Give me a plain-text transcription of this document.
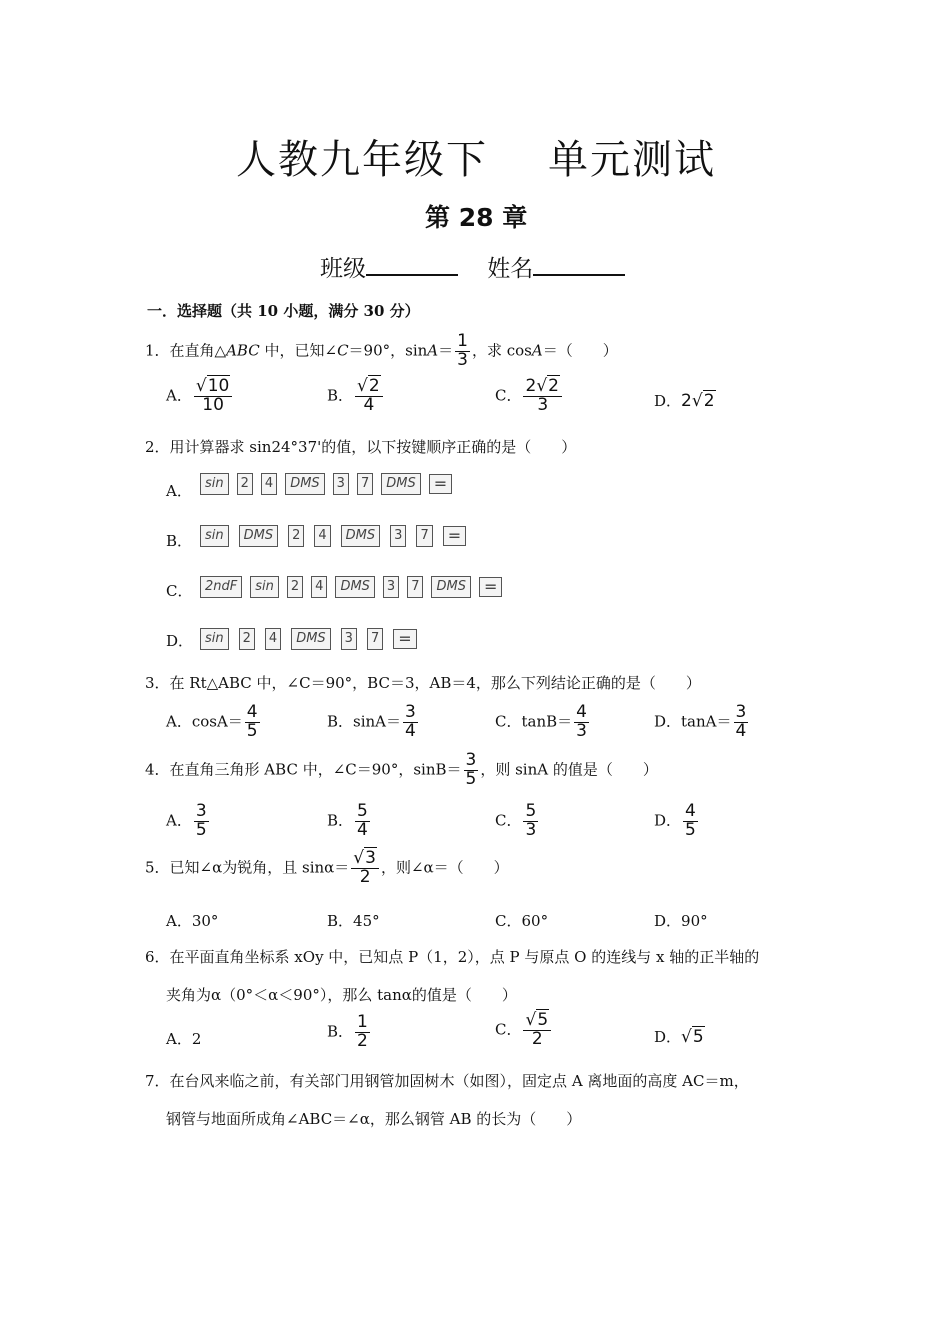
人教九年级下 单元测试
第 28 章
班级	姓名
一．选择题（共 10 小题，满分 30 分）
1．在直角△ABC 中，已知∠C＝90°，$\sin A= \frac{1}{3}$ ，求 cosA＝（　　）
A． $\frac{√10}{10}$	B． $\frac{√2}{4}$	C． $\frac{2√2}{3}$	D．2√2
2．用计算器求 sin24°37'的值，以下按键顺序正确的是（　　）
A．	sin	2	4	DMS	3	7	DMS	=
B． sin	DMS	2	4	DMS	3	7	=
C． 2ndF	sin	2	4	DMS	3	7	DMS	=
D． sin	2	4	DMS	3	7	=
3．在 Rt△ABC 中，∠C＝90°，BC＝3，AB＝4，那么下列结论正确的是（　　）
A．$\cos A= \frac{4}{5}$	B．$\sin A= \frac{3}{4}$	C．$\tan B= \frac{4}{3}$	D．$\tan A= \frac{3}{4}$
4．在直角三角形 ABC 中，∠C＝90°，$\sin B= \frac{3}{5}$ ，则 sinA 的值是（　　）
A． $\frac{3}{5}$	B． $\frac{5}{4}$	C． $\frac{5}{3}$	D． $\frac{4}{5}$
5．已知∠α为锐角，且 $\sin\alpha= \frac{√3}{2}$ ，则∠α＝（　　）
A．30°	B．45°	C．60°	D．90°
6．在平面直角坐标系 xOy 中，已知点 P（1，2），点 P 与原点 O 的连线与 x 轴的正半轴的
夹角为α（0°＜α＜90°），那么 tanα的值是（　　）
A．2	B． $\frac{1}{2}$	C． $\frac{√5}{2}$	D．√5
7．在台风来临之前，有关部门用钢管加固树木（如图），固定点 A 离地面的高度 AC＝m，
钢管与地面所成角∠ABC＝∠α，那么钢管 AB 的长为（　　）
